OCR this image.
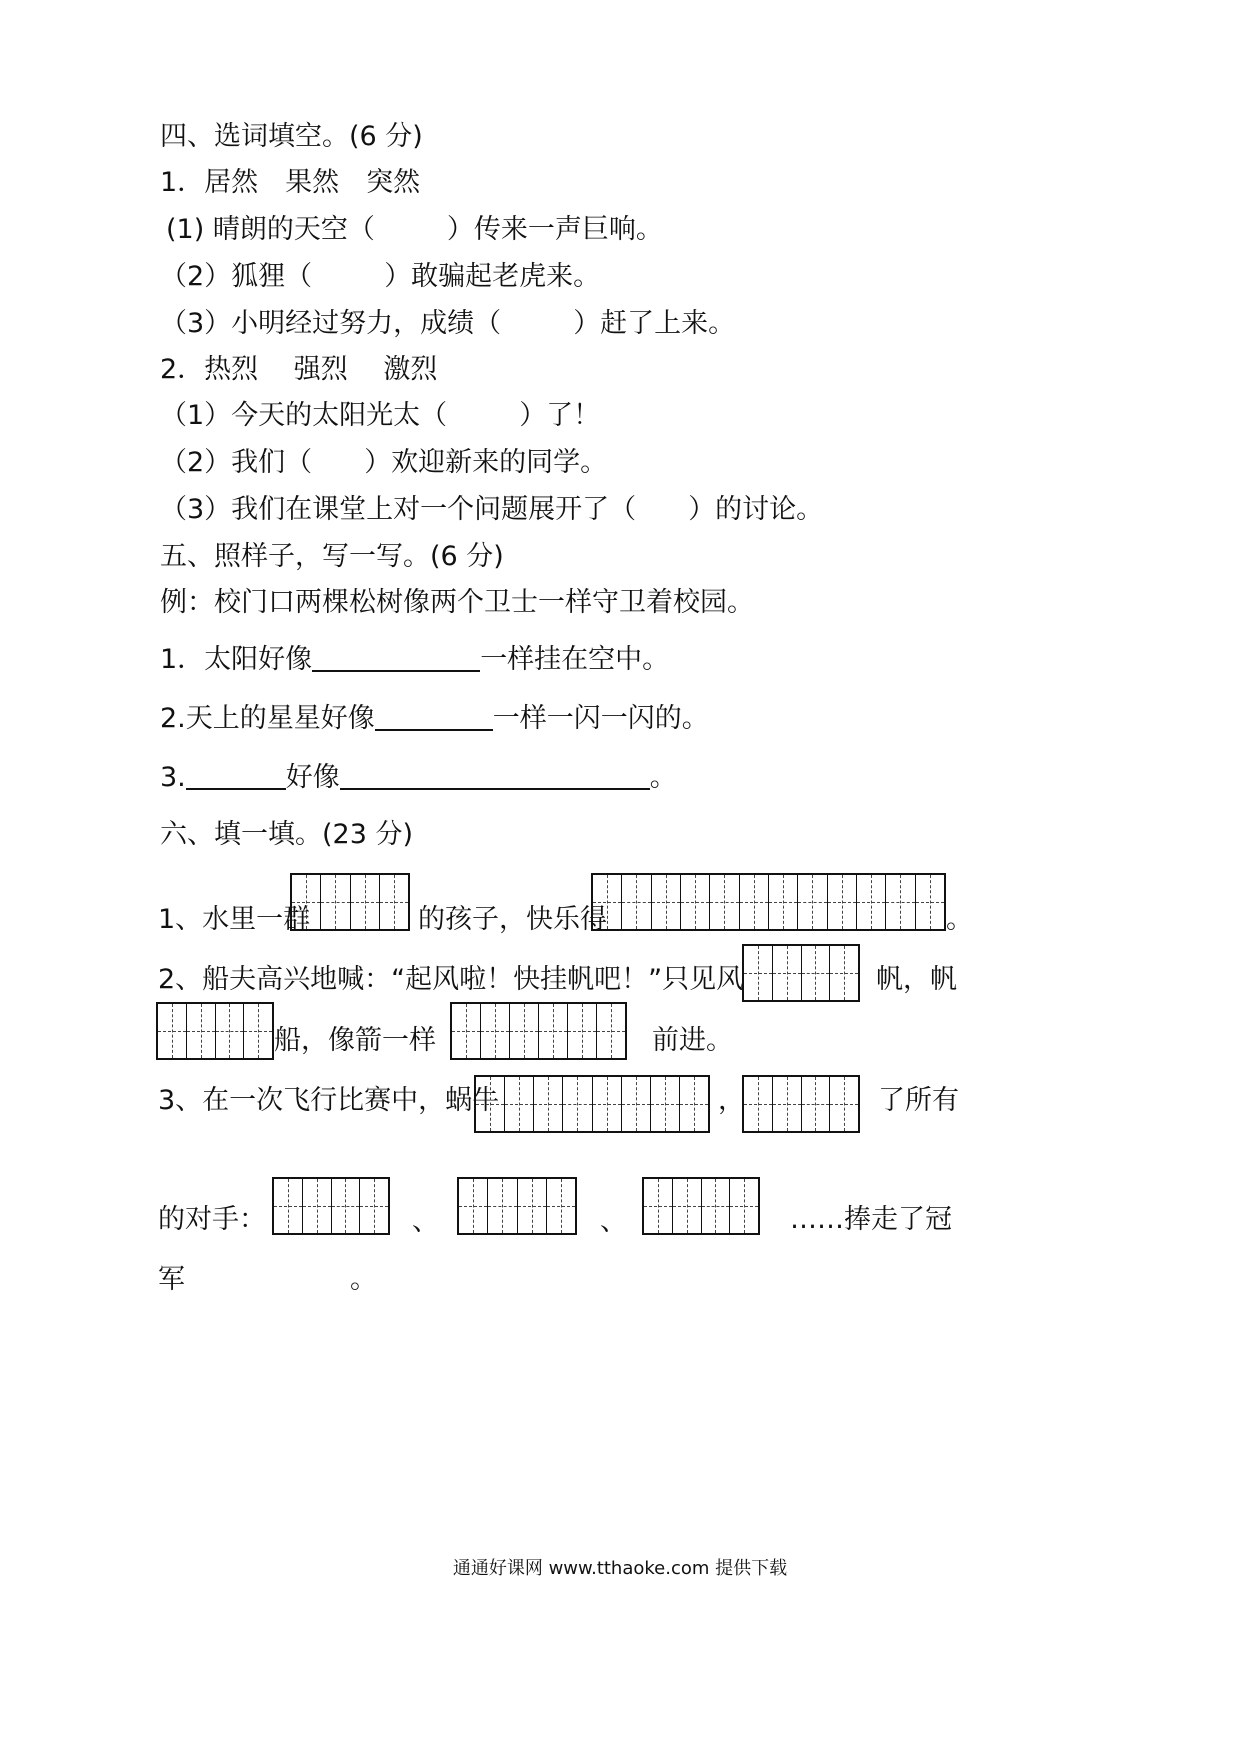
四、选词填空。(6 分)
1．居然　果然　突然
(1) 晴朗的天空（	）传来一声巨响。
（2）狐狸（	）敢骗起老虎来。
（3）小明经过努力，成绩（	）赶了上来。
2．热烈　 强烈　 激烈
（1）今天的太阳光太（	）了！
（2）我们（ ）欢迎新来的同学。
（3）我们在课堂上对一个问题展开了（ ）的讨论。
五、照样子，写一写。(6 分)
例：校门口两棵松树像两个卫士一样守卫着校园。
1．太阳好像	一样挂在空中。
2.天上的星星好像	一样一闪一闪的。
3.	好像	。
六、填一填。(23 分)
1、水里一群	的孩子，快乐得	。
2、船夫高兴地喊：“起风啦！快挂帆吧！”只见风	帆，帆
船，像箭一样	前进。
3、在一次飞行比赛中，蜗牛	，	了所有
的对手：	、	、	……捧走了冠
军	。
通通好课网 www.tthaoke.com 提供下载
